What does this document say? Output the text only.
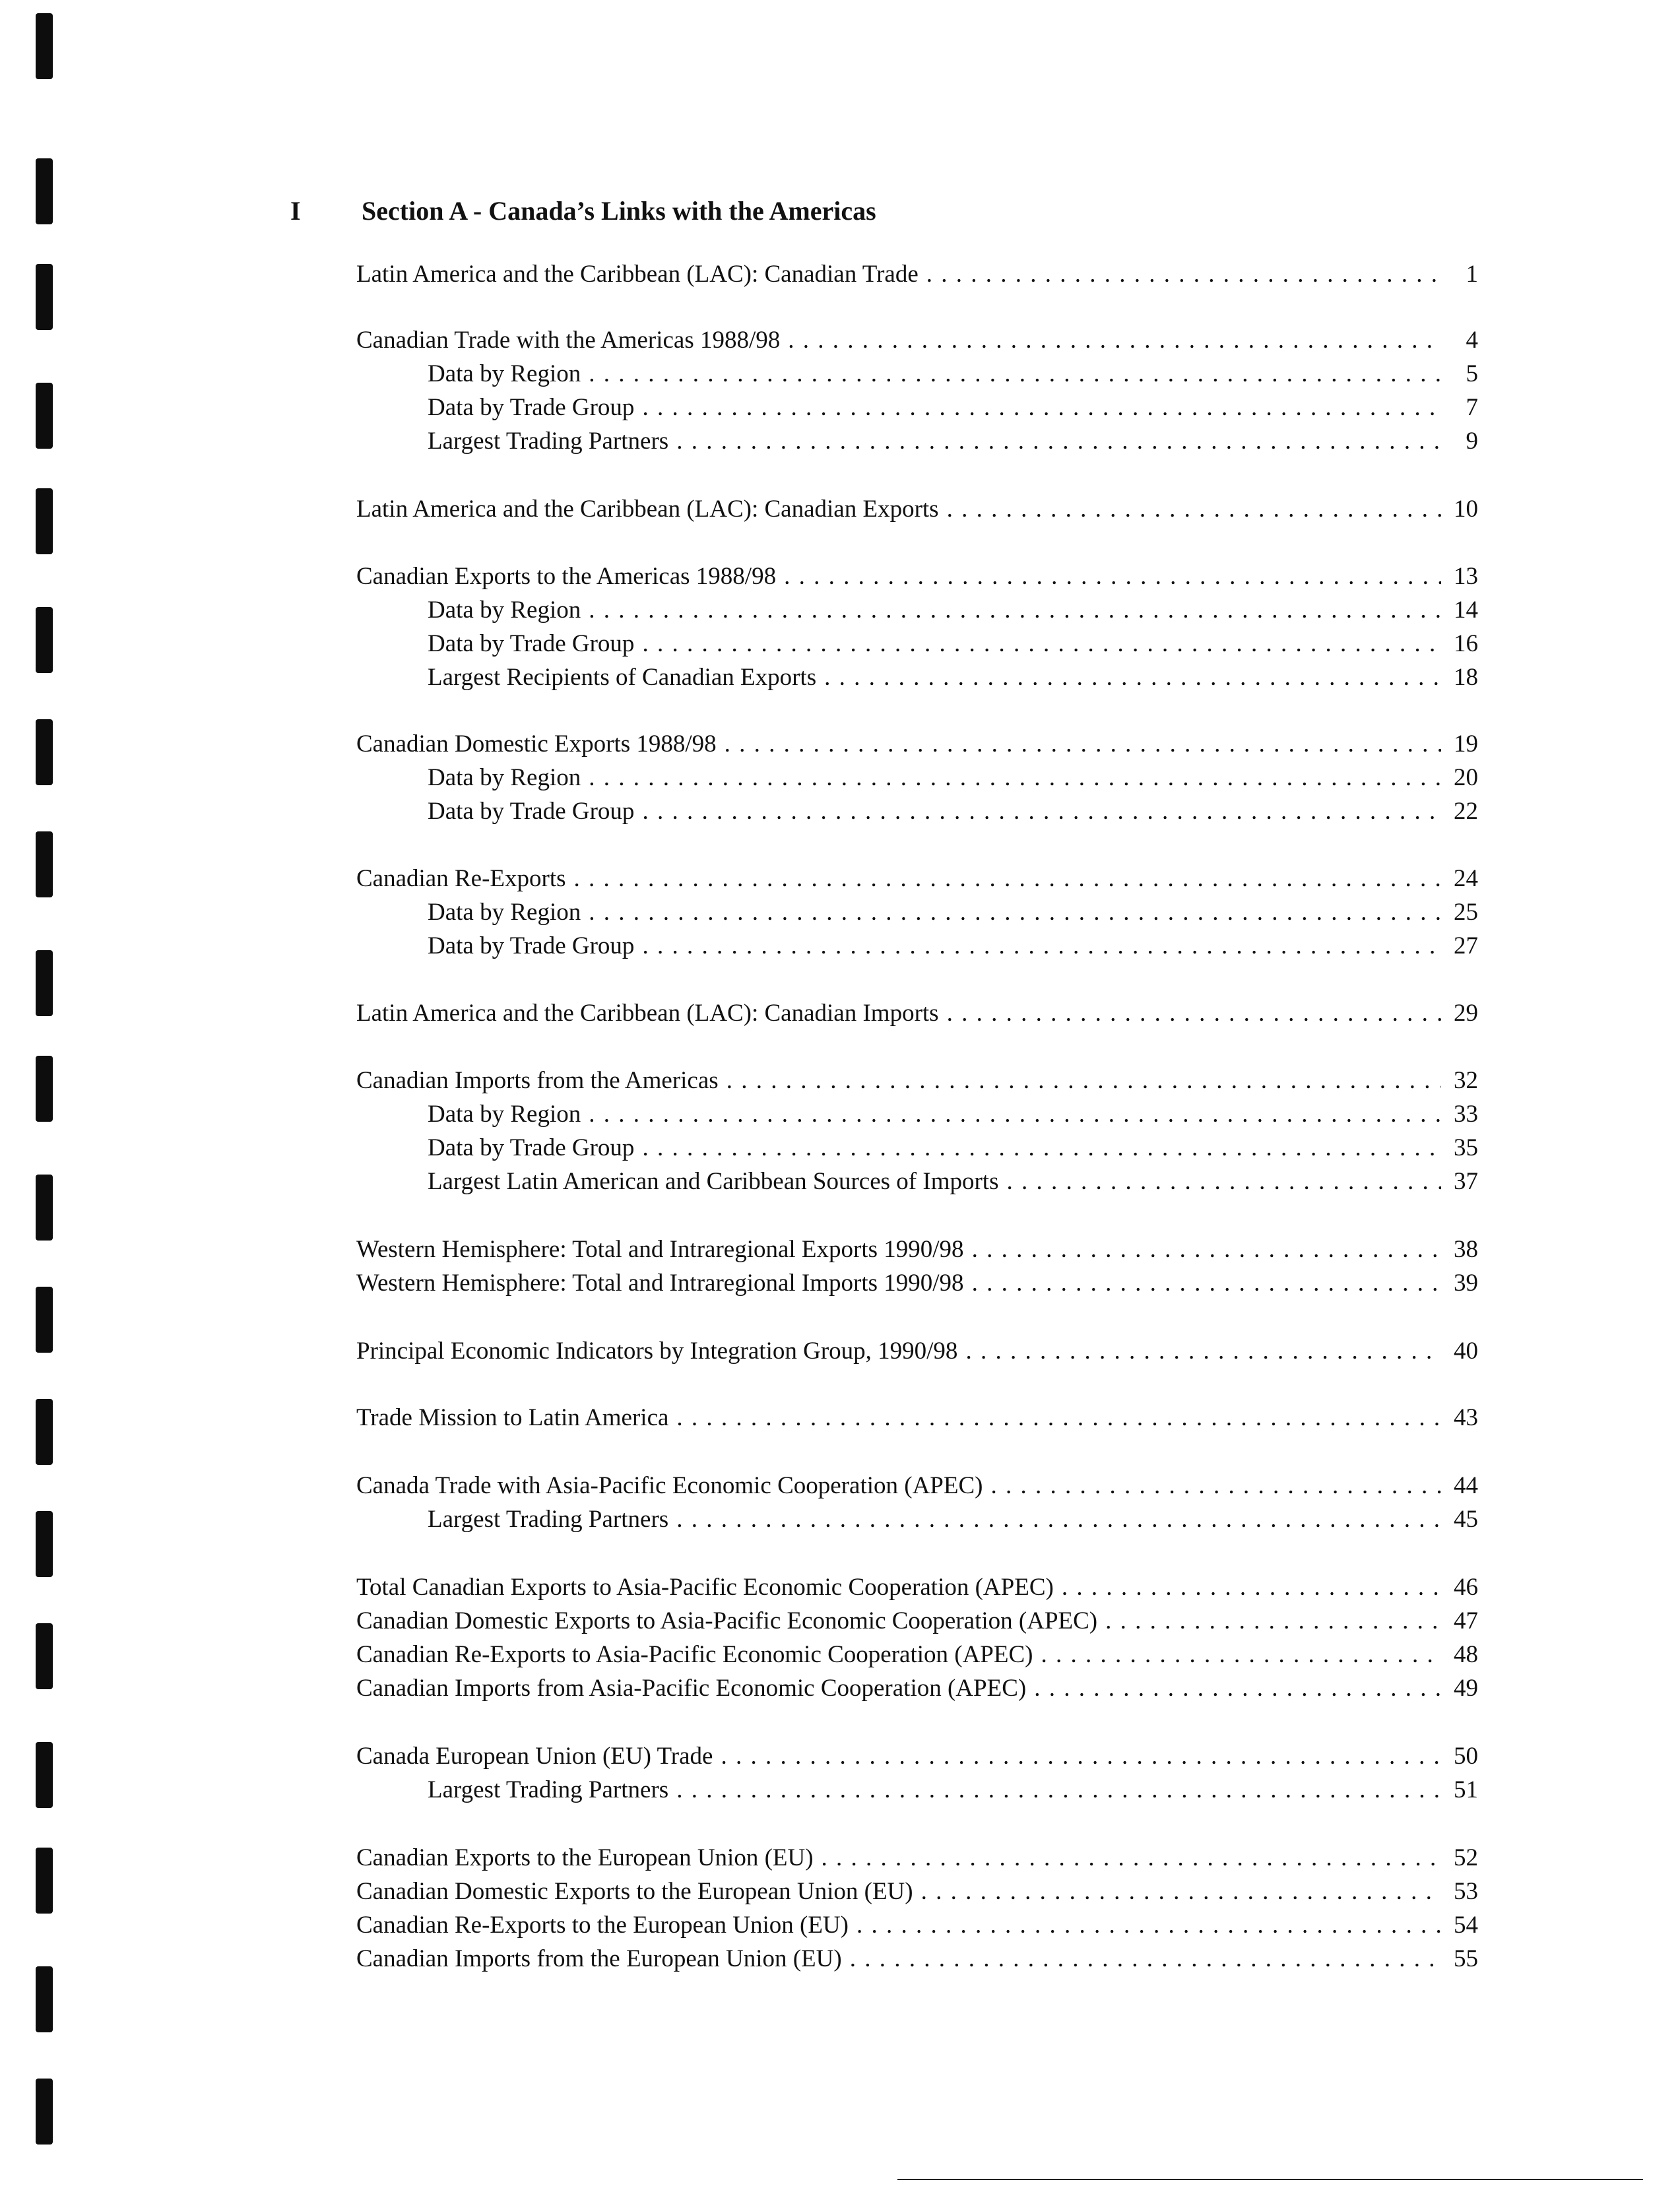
I Section A - Canada’s Links with the Americas
Latin America and the Caribbean (LAC): Canadian Trade . . .	1
Canadian Trade with the Americas 1988/98 . . .	4
Data by Region . . .	5
Data by Trade Group . . .	7
Largest Trading Partners . . .	9
Latin America and the Caribbean (LAC): Canadian Exports . . .	10
Canadian Exports to the Americas 1988/98 . . .	13
Data by Region . . .	14
Data by Trade Group . . .	16
Largest Recipients of Canadian Exports . . .	18
Canadian Domestic Exports 1988/98 . . .	19
Data by Region . . .	20
Data by Trade Group . . .	22
Canadian Re-Exports . . .	24
Data by Region . . .	25
Data by Trade Group . . .	27
Latin America and the Caribbean (LAC): Canadian Imports . . .	29
Canadian Imports from the Americas . . .	32
Data by Region . . .	33
Data by Trade Group . . .	35
Largest Latin American and Caribbean Sources of Imports . . .	37
Western Hemisphere: Total and Intraregional Exports 1990/98 . . .	38
Western Hemisphere: Total and Intraregional Imports 1990/98 . . .	39
Principal Economic Indicators by Integration Group, 1990/98 . . .	40
Trade Mission to Latin America . . .	43
Canada Trade with Asia-Pacific Economic Cooperation (APEC) . . .	44
Largest Trading Partners . . .	45
Total Canadian Exports to Asia-Pacific Economic Cooperation (APEC) . . .	46
Canadian Domestic Exports to Asia-Pacific Economic Cooperation (APEC) . . .	47
Canadian Re-Exports to Asia-Pacific Economic Cooperation (APEC) . . .	48
Canadian Imports from Asia-Pacific Economic Cooperation (APEC) . . .	49
Canada European Union (EU) Trade . . .	50
Largest Trading Partners . . .	51
Canadian Exports to the European Union (EU) . . .	52
Canadian Domestic Exports to the European Union (EU) . . .	53
Canadian Re-Exports to the European Union (EU) . . .	54
Canadian Imports from the European Union (EU) . . .	55
